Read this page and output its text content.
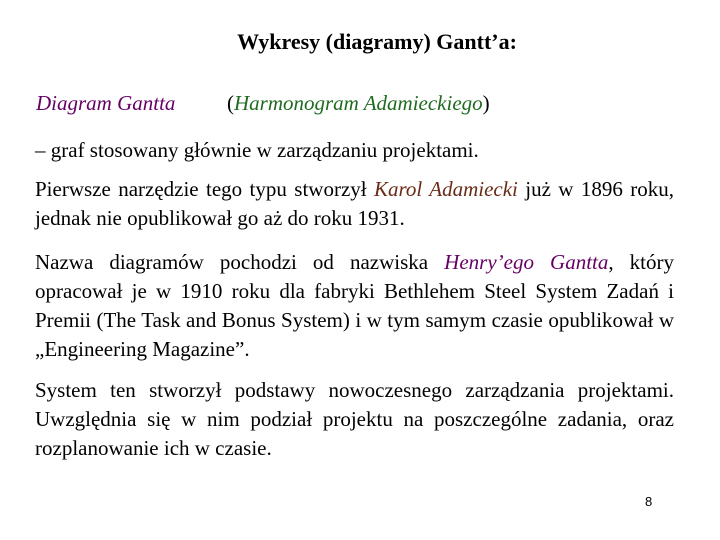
Wykresy (diagramy) Gantt’a:
Diagram Gantta (Harmonogram Adamieckiego)

– graf stosowany głównie w zarządzaniu projektami.

Pierwsze narzędzie tego typu stworzył Karol Adamiecki już w 1896 roku, jednak nie opublikował go aż do roku 1931.

Nazwa diagramów pochodzi od nazwiska Henry’ego Gantta, który opracował je w 1910 roku dla fabryki Bethlehem Steel System Zadań i Premii (The Task and Bonus System) i w tym samym czasie opublikował w „Engineering Magazine”.

System ten stworzył podstawy nowoczesnego zarządzania projektami. Uwzględnia się w nim podział projektu na poszczególne zadania, oraz rozplanowanie ich w czasie.

8
